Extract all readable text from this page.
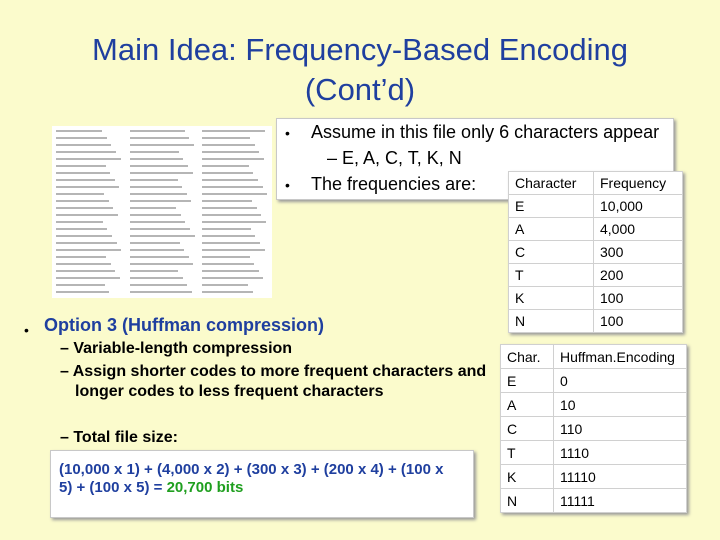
Main Idea: Frequency-Based Encoding
(Cont’d)
• Assume in this file only 6 characters appear
– E, A, C, T, K, N
• The frequencies are:	Character	Frequency
E	10,000
A	4,000
C	300
T	200
K	100
N	100
Char.	Huffman.Encoding
E	0
A	10
C	110
T	1110
K	11110
N	11111
• Option 3 (Huffman compression)
– Variable-length compression
– Assign shorter codes to more frequent characters and
longer codes to less frequent characters
– Total file size:
(10,000 x 1) + (4,000 x 2) + (300 x 3) + (200 x 4) + (100 x
5) + (100 x 5) = 20,700 bits
